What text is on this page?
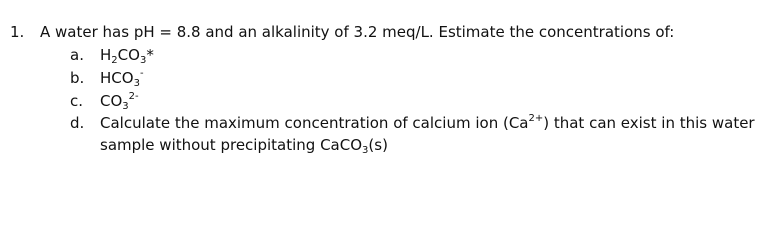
1. A water has pH = 8.8 and an alkalinity of 3.2 meq/L. Estimate the concentrations of:
a. $H_2CO_3*$
b. $HCO_3^-$
c. $CO_3^{2-}$
d. Calculate the maximum concentration of calcium ion $(Ca^{2+})$ that can exist in this water
sample without precipitating CaCO$_3$(s)
